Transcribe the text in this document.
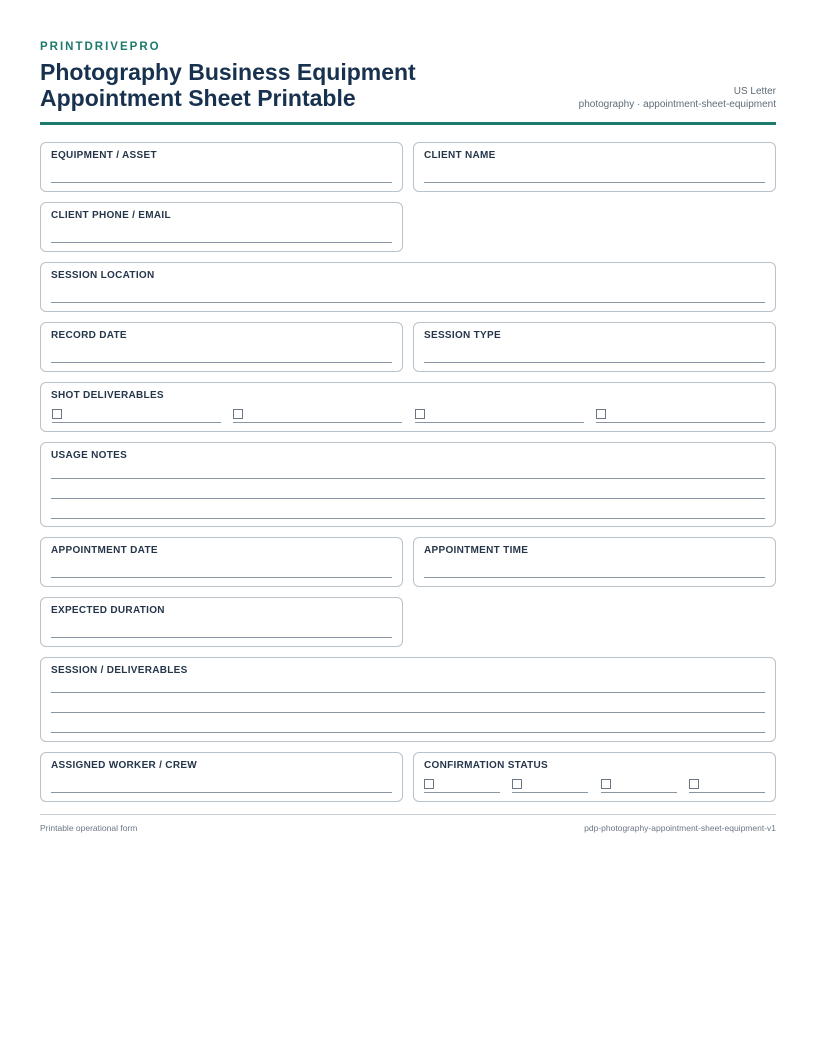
PRINTDRIVEPRO
Photography Business Equipment
Appointment Sheet Printable	US Letter
photography · appointment-sheet-equipment
EQUIPMENT / ASSET	CLIENT NAME
CLIENT PHONE / EMAIL
SESSION LOCATION
RECORD DATE	SESSION TYPE
SHOT DELIVERABLES
USAGE NOTES
APPOINTMENT DATE	APPOINTMENT TIME
EXPECTED DURATION
SESSION / DELIVERABLES
ASSIGNED WORKER / CREW	CONFIRMATION STATUS
Printable operational form	pdp-photography-appointment-sheet-equipment-v1
